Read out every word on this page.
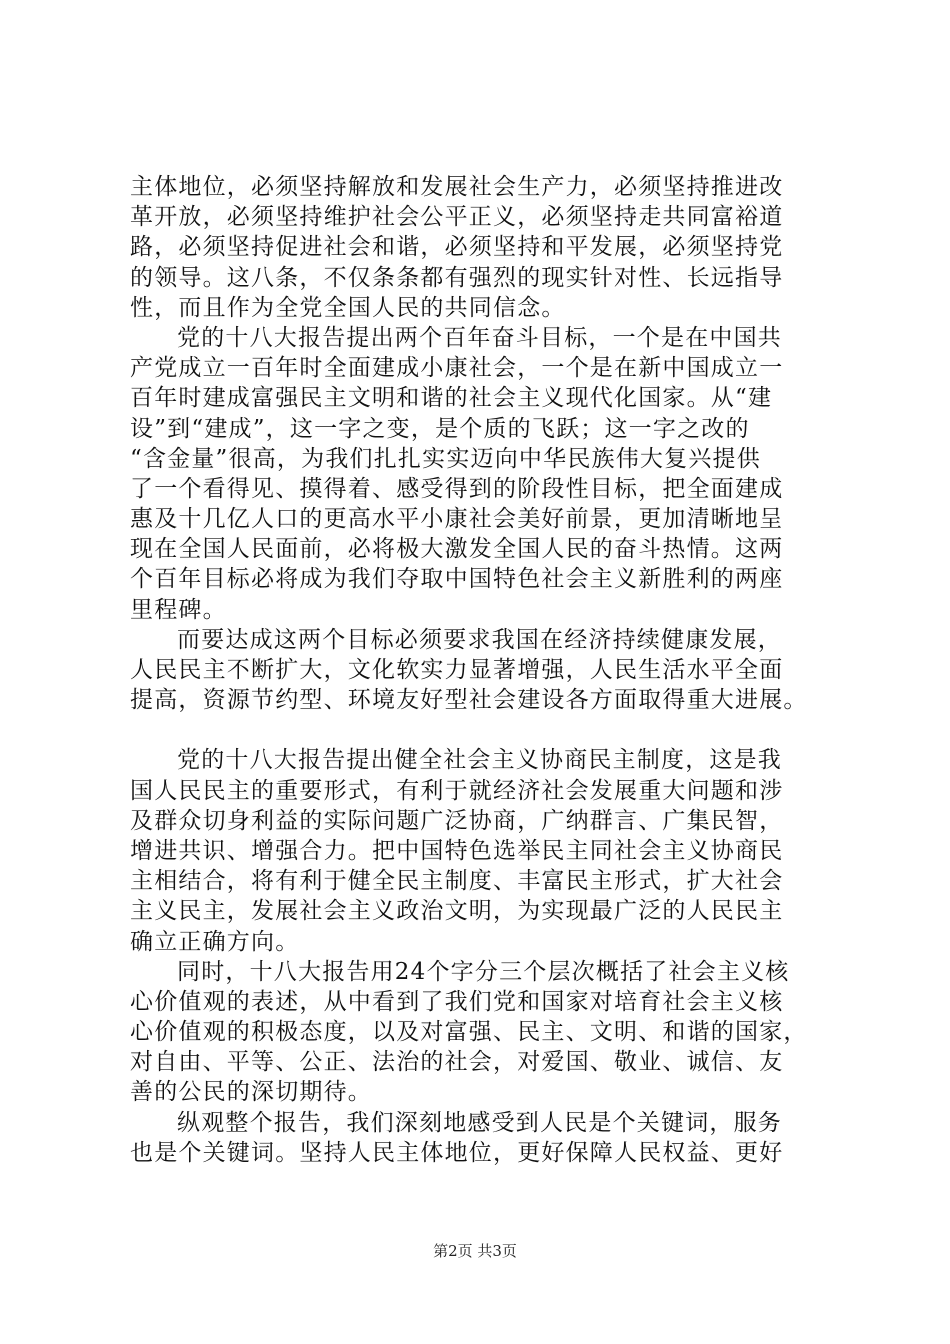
主体地位，必须坚持解放和发展社会生产力，必须坚持推进改
革开放，必须坚持维护社会公平正义，必须坚持走共同富裕道
路，必须坚持促进社会和谐，必须坚持和平发展，必须坚持党
的领导。这八条，不仅条条都有强烈的现实针对性、长远指导
性，而且作为全党全国人民的共同信念。
党的十八大报告提出两个百年奋斗目标，一个是在中国共
产党成立一百年时全面建成小康社会，一个是在新中国成立一
百年时建成富强民主文明和谐的社会主义现代化国家。从“建
设”到“建成”，这一字之变，是个质的飞跃；这一字之改的
“含金量”很高，为我们扎扎实实迈向中华民族伟大复兴提供
了一个看得见、摸得着、感受得到的阶段性目标，把全面建成
惠及十几亿人口的更高水平小康社会美好前景，更加清晰地呈
现在全国人民面前，必将极大激发全国人民的奋斗热情。这两
个百年目标必将成为我们夺取中国特色社会主义新胜利的两座
里程碑。
而要达成这两个目标必须要求我国在经济持续健康发展，
人民民主不断扩大，文化软实力显著增强，人民生活水平全面
提高，资源节约型、环境友好型社会建设各方面取得重大进展。
党的十八大报告提出健全社会主义协商民主制度，这是我
国人民民主的重要形式，有利于就经济社会发展重大问题和涉
及群众切身利益的实际问题广泛协商，广纳群言、广集民智，
增进共识、增强合力。把中国特色选举民主同社会主义协商民
主相结合，将有利于健全民主制度、丰富民主形式，扩大社会
主义民主，发展社会主义政治文明，为实现最广泛的人民民主
确立正确方向。
同时，十八大报告用24个字分三个层次概括了社会主义核
心价值观的表述，从中看到了我们党和国家对培育社会主义核
心价值观的积极态度，以及对富强、民主、文明、和谐的国家，
对自由、平等、公正、法治的社会，对爱国、敬业、诚信、友
善的公民的深切期待。
纵观整个报告，我们深刻地感受到人民是个关键词，服务
也是个关键词。坚持人民主体地位，更好保障人民权益、更好
第2页 共3页
